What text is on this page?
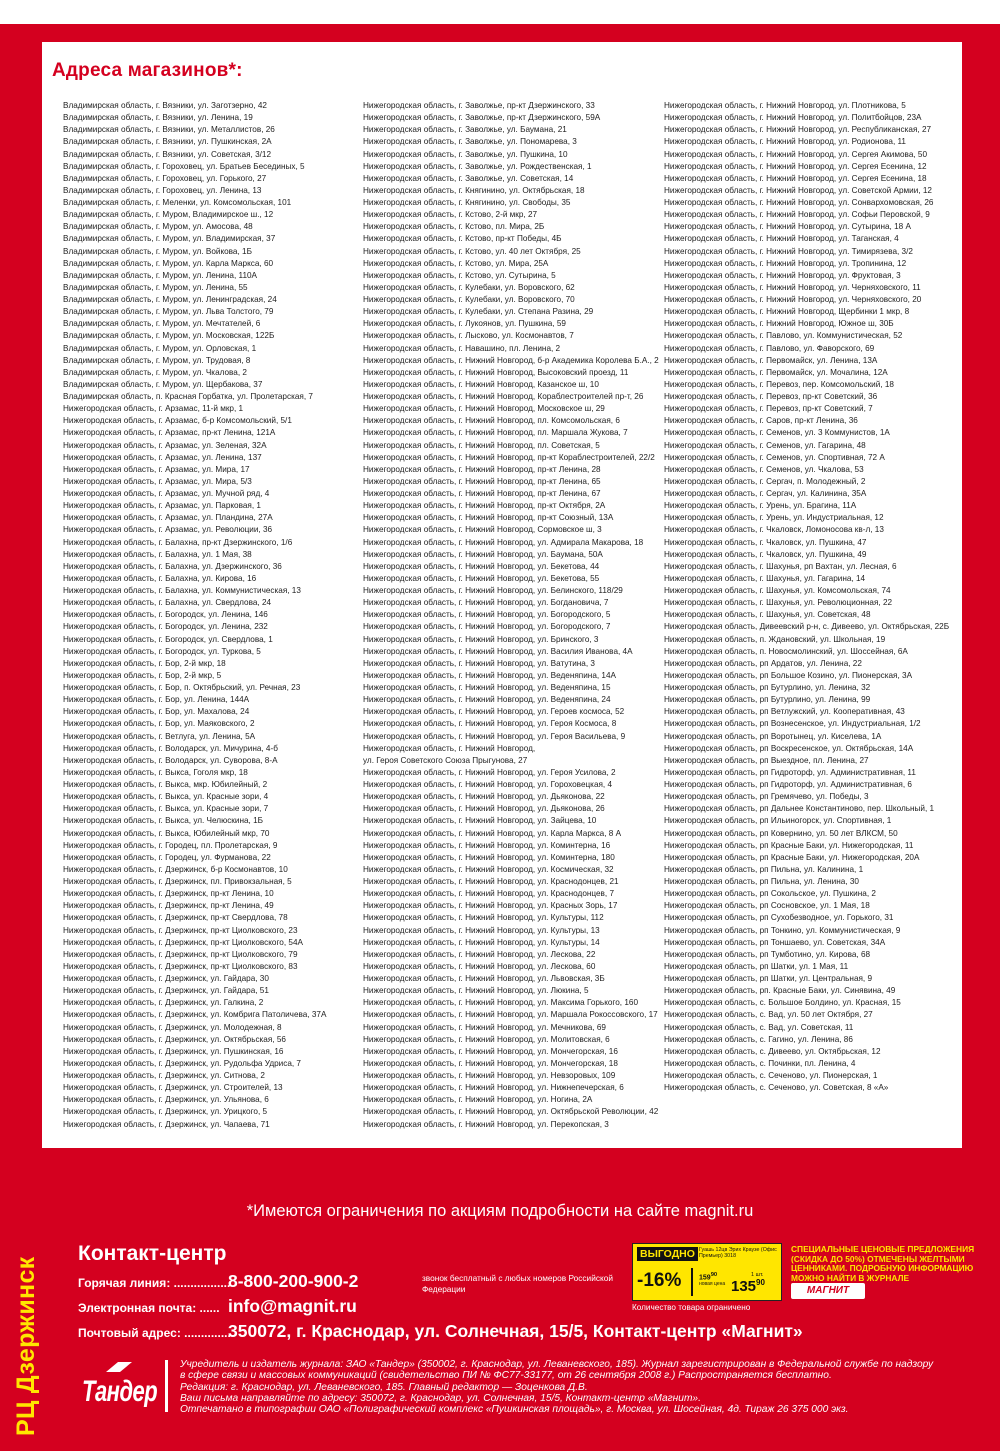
Адреса магазинов*:
Владимирская область, г. Вязники, ул. Заготзерно, 42
Владимирская область, г. Вязники, ул. Ленина, 19
Владимирская область, г. Вязники, ул. Металлистов, 26
Владимирская область, г. Вязники, ул. Пушкинская, 2А
Владимирская область, г. Вязники, ул. Советская, 3/12
Владимирская область, г. Гороховец, ул. Братьев Бесединых, 5
Владимирская область, г. Гороховец, ул. Горького, 27
Владимирская область, г. Гороховец, ул. Ленина, 13
Владимирская область, г. Меленки, ул. Комсомольская, 101
Владимирская область, г. Муром, Владимирское ш., 12
Владимирская область, г. Муром, ул. Амосова, 48
Владимирская область, г. Муром, ул. Владимирская, 37
Владимирская область, г. Муром, ул. Войкова, 1Б
Владимирская область, г. Муром, ул. Карла Маркса, 60
Владимирская область, г. Муром, ул. Ленина, 110А
Владимирская область, г. Муром, ул. Ленина, 55
Владимирская область, г. Муром, ул. Ленинградская, 24
Владимирская область, г. Муром, ул. Льва Толстого, 79
Владимирская область, г. Муром, ул. Мечтателей, 6
Владимирская область, г. Муром, ул. Московская, 122Б
Владимирская область, г. Муром, ул. Орловская, 1
Владимирская область, г. Муром, ул. Трудовая, 8
Владимирская область, г. Муром, ул. Чкалова, 2
Владимирская область, г. Муром, ул. Щербакова, 37
Владимирская область, п. Красная Горбатка, ул. Пролетарская, 7
Нижегородская область, г. Арзамас, 11-й мкр, 1
Нижегородская область, г. Арзамас, б-р Комсомольский, 5/1
Нижегородская область, г. Арзамас, пр-кт Ленина, 121А
Нижегородская область, г. Арзамас, ул. Зеленая, 32А
Нижегородская область, г. Арзамас, ул. Ленина, 137
Нижегородская область, г. Арзамас, ул. Мира, 17
Нижегородская область, г. Арзамас, ул. Мира, 5/3
Нижегородская область, г. Арзамас, ул. Мучной ряд, 4
Нижегородская область, г. Арзамас, ул. Парковая, 1
Нижегородская область, г. Арзамас, ул. Пландина, 27А
Нижегородская область, г. Арзамас, ул. Революции, 36
Нижегородская область, г. Балахна, пр-кт Дзержинского, 1/6
Нижегородская область, г. Балахна, ул. 1 Мая, 38
Нижегородская область, г. Балахна, ул. Дзержинского, 36
Нижегородская область, г. Балахна, ул. Кирова, 16
Нижегородская область, г. Балахна, ул. Коммунистическая, 13
Нижегородская область, г. Балахна, ул. Свердлова, 24
Нижегородская область, г. Богородск, ул. Ленина, 146
Нижегородская область, г. Богородск, ул. Ленина, 232
Нижегородская область, г. Богородск, ул. Свердлова, 1
Нижегородская область, г. Богородск, ул. Туркова, 5
Нижегородская область, г. Бор, 2-й мкр, 18
Нижегородская область, г. Бор, 2-й мкр, 5
Нижегородская область, г. Бор, п. Октябрьский, ул. Речная, 23
Нижегородская область, г. Бор, ул. Ленина, 144А
Нижегородская область, г. Бор, ул. Махалова, 24
Нижегородская область, г. Бор, ул. Маяковского, 2
Нижегородская область, г. Ветлуга, ул. Ленина, 5А
Нижегородская область, г. Володарск, ул. Мичурина, 4-б
Нижегородская область, г. Володарск, ул. Суворова, 8-А
Нижегородская область, г. Выкса, Гоголя мкр, 18
Нижегородская область, г. Выкса, мкр. Юбилейный, 2
Нижегородская область, г. Выкса, ул. Красные зори, 4
Нижегородская область, г. Выкса, ул. Красные зори, 7
Нижегородская область, г. Выкса, ул. Челюскина, 1Б
Нижегородская область, г. Выкса, Юбилейный мкр, 70
Нижегородская область, г. Городец, пл. Пролетарская, 9
Нижегородская область, г. Городец, ул. Фурманова, 22
Нижегородская область, г. Дзержинск, б-р Космонавтов, 10
Нижегородская область, г. Дзержинск, пл. Привокзальная, 5
Нижегородская область, г. Дзержинск, пр-кт Ленина, 10
Нижегородская область, г. Дзержинск, пр-кт Ленина, 49
Нижегородская область, г. Дзержинск, пр-кт Свердлова, 78
Нижегородская область, г. Дзержинск, пр-кт Циолковского, 23
Нижегородская область, г. Дзержинск, пр-кт Циолковского, 54А
Нижегородская область, г. Дзержинск, пр-кт Циолковского, 79
Нижегородская область, г. Дзержинск, пр-кт Циолковского, 83
Нижегородская область, г. Дзержинск, ул. Гайдара, 30
Нижегородская область, г. Дзержинск, ул. Гайдара, 51
Нижегородская область, г. Дзержинск, ул. Галкина, 2
Нижегородская область, г. Дзержинск, ул. Комбрига Патоличева, 37А
Нижегородская область, г. Дзержинск, ул. Молодежная, 8
Нижегородская область, г. Дзержинск, ул. Октябрьская, 56
Нижегородская область, г. Дзержинск, ул. Пушкинская, 16
Нижегородская область, г. Дзержинск, ул. Рудольфа Удриса, 7
Нижегородская область, г. Дзержинск, ул. Ситнова, 2
Нижегородская область, г. Дзержинск, ул. Строителей, 13
Нижегородская область, г. Дзержинск, ул. Ульянова, 6
Нижегородская область, г. Дзержинск, ул. Урицкого, 5
Нижегородская область, г. Дзержинск, ул. Чапаева, 71
Нижегородская область, г. Заволжье, пр-кт Дзержинского, 33
Нижегородская область, г. Заволжье, пр-кт Дзержинского, 59А
Нижегородская область, г. Заволжье, ул. Баумана, 21
Нижегородская область, г. Заволжье, ул. Пономарева, 3
Нижегородская область, г. Заволжье, ул. Пушкина, 10
Нижегородская область, г. Заволжье, ул. Рождественская, 1
Нижегородская область, г. Заволжье, ул. Советская, 14
Нижегородская область, г. Княгинино, ул. Октябрьская, 18
Нижегородская область, г. Княгинино, ул. Свободы, 35
Нижегородская область, г. Кстово, 2-й мкр, 27
Нижегородская область, г. Кстово, пл. Мира, 2Б
Нижегородская область, г. Кстово, пр-кт Победы, 4Б
Нижегородская область, г. Кстово, ул. 40 лет Октября, 25
Нижегородская область, г. Кстово, ул. Мира, 25А
Нижегородская область, г. Кстово, ул. Сутырина, 5
Нижегородская область, г. Кулебаки, ул. Воровского, 62
Нижегородская область, г. Кулебаки, ул. Воровского, 70
Нижегородская область, г. Кулебаки, ул. Степана Разина, 29
Нижегородская область, г. Лукоянов, ул. Пушкина, 59
Нижегородская область, г. Лысково, ул. Космонавтов, 7
Нижегородская область, г. Навашино, пл. Ленина, 2
Нижегородская область, г. Нижний Новгород, б-р Академика Королева Б.А., 2
Нижегородская область, г. Нижний Новгород, Высоковский проезд, 11
Нижегородская область, г. Нижний Новгород, Казанское ш, 10
Нижегородская область, г. Нижний Новгород, Кораблестроителей пр-т, 26
Нижегородская область, г. Нижний Новгород, Московское ш, 29
Нижегородская область, г. Нижний Новгород, пл. Комсомольская, 6
Нижегородская область, г. Нижний Новгород, пл. Маршала Жукова, 7
Нижегородская область, г. Нижний Новгород, пл. Советская, 5
Нижегородская область, г. Нижний Новгород, пр-кт Кораблестроителей, 22/2
Нижегородская область, г. Нижний Новгород, пр-кт Ленина, 28
Нижегородская область, г. Нижний Новгород, пр-кт Ленина, 65
Нижегородская область, г. Нижний Новгород, пр-кт Ленина, 67
Нижегородская область, г. Нижний Новгород, пр-кт Октября, 2А
Нижегородская область, г. Нижний Новгород, пр-кт Союзный, 13А
Нижегородская область, г. Нижний Новгород, Сормовское ш, 3
Нижегородская область, г. Нижний Новгород, ул. Адмирала Макарова, 18
Нижегородская область, г. Нижний Новгород, ул. Баумана, 50А
Нижегородская область, г. Нижний Новгород, ул. Бекетова, 44
Нижегородская область, г. Нижний Новгород, ул. Бекетова, 55
Нижегородская область, г. Нижний Новгород, ул. Белинского, 118/29
Нижегородская область, г. Нижний Новгород, ул. Богдановича, 7
Нижегородская область, г. Нижний Новгород, ул. Богородского, 5
Нижегородская область, г. Нижний Новгород, ул. Богородского, 7
Нижегородская область, г. Нижний Новгород, ул. Бринского, 3
Нижегородская область, г. Нижний Новгород, ул. Василия Иванова, 4А
Нижегородская область, г. Нижний Новгород, ул. Ватутина, 3
Нижегородская область, г. Нижний Новгород, ул. Веденяпина, 14А
Нижегородская область, г. Нижний Новгород, ул. Веденяпина, 15
Нижегородская область, г. Нижний Новгород, ул. Веденяпина, 24
Нижегородская область, г. Нижний Новгород, ул. Героев космоса, 52
Нижегородская область, г. Нижний Новгород, ул. Героя Космоса, 8
Нижегородская область, г. Нижний Новгород, ул. Героя Васильева, 9
Нижегородская область, г. Нижний Новгород,
ул. Героя Советского Союза Прыгунова, 27
Нижегородская область, г. Нижний Новгород, ул. Героя Усилова, 2
Нижегородская область, г. Нижний Новгород, ул. Гороховецкая, 4
Нижегородская область, г. Нижний Новгород, ул. Дьяконова, 22
Нижегородская область, г. Нижний Новгород, ул. Дьяконова, 26
Нижегородская область, г. Нижний Новгород, ул. Зайцева, 10
Нижегородская область, г. Нижний Новгород, ул. Карла Маркса, 8 А
Нижегородская область, г. Нижний Новгород, ул. Коминтерна, 16
Нижегородская область, г. Нижний Новгород, ул. Коминтерна, 180
Нижегородская область, г. Нижний Новгород, ул. Космическая, 32
Нижегородская область, г. Нижний Новгород, ул. Краснодонцев, 21
Нижегородская область, г. Нижний Новгород, ул. Краснодонцев, 7
Нижегородская область, г. Нижний Новгород, ул. Красных Зорь, 17
Нижегородская область, г. Нижний Новгород, ул. Культуры, 112
Нижегородская область, г. Нижний Новгород, ул. Культуры, 13
Нижегородская область, г. Нижний Новгород, ул. Культуры, 14
Нижегородская область, г. Нижний Новгород, ул. Лескова, 22
Нижегородская область, г. Нижний Новгород, ул. Лескова, 60
Нижегородская область, г. Нижний Новгород, ул. Львовская, 3Б
Нижегородская область, г. Нижний Новгород, ул. Люкина, 5
Нижегородская область, г. Нижний Новгород, ул. Максима Горького, 160
Нижегородская область, г. Нижний Новгород, ул. Маршала Рокоссовского, 17
Нижегородская область, г. Нижний Новгород, ул. Мечникова, 69
Нижегородская область, г. Нижний Новгород, ул. Молитовская, 6
Нижегородская область, г. Нижний Новгород, ул. Мончегорская, 16
Нижегородская область, г. Нижний Новгород, ул. Мончегорская, 18
Нижегородская область, г. Нижний Новгород, ул. Невзоровых, 109
Нижегородская область, г. Нижний Новгород, ул. Нижнепечерская, 6
Нижегородская область, г. Нижний Новгород, ул. Ногина, 2А
Нижегородская область, г. Нижний Новгород, ул. Октябрьской Революции, 42
Нижегородская область, г. Нижний Новгород, ул. Перекопская, 3
Нижегородская область, г. Нижний Новгород, ул. Плотникова, 5
Нижегородская область, г. Нижний Новгород, ул. Политбойцов, 23А
Нижегородская область, г. Нижний Новгород, ул. Республиканская, 27
Нижегородская область, г. Нижний Новгород, ул. Родионова, 11
Нижегородская область, г. Нижний Новгород, ул. Сергея Акимова, 50
Нижегородская область, г. Нижний Новгород, ул. Сергея Есенина, 12
Нижегородская область, г. Нижний Новгород, ул. Сергея Есенина, 18
Нижегородская область, г. Нижний Новгород, ул. Советской Армии, 12
Нижегородская область, г. Нижний Новгород, ул. Сонвархомовская, 26
Нижегородская область, г. Нижний Новгород, ул. Софьи Перовской, 9
Нижегородская область, г. Нижний Новгород, ул. Сутырина, 18 А
Нижегородская область, г. Нижний Новгород, ул. Таганская, 4
Нижегородская область, г. Нижний Новгород, ул. Тимирязева, 3/2
Нижегородская область, г. Нижний Новгород, ул. Тропинина, 12
Нижегородская область, г. Нижний Новгород, ул. Фруктовая, 3
Нижегородская область, г. Нижний Новгород, ул. Черняховского, 11
Нижегородская область, г. Нижний Новгород, ул. Черняховского, 20
Нижегородская область, г. Нижний Новгород, Щербинки 1 мкр, 8
Нижегородская область, г. Нижний Новгород, Южное ш, 30Б
Нижегородская область, г. Павлово, ул. Коммунистическая, 52
Нижегородская область, г. Павлово, ул. Фаворского, 69
Нижегородская область, г. Первомайск, ул. Ленина, 13А
Нижегородская область, г. Первомайск, ул. Мочалина, 12А
Нижегородская область, г. Перевоз, пер. Комсомольский, 18
Нижегородская область, г. Перевоз, пр-кт Советский, 36
Нижегородская область, г. Перевоз, пр-кт Советский, 7
Нижегородская область, г. Саров, пр-кт Ленина, 36
Нижегородская область, г. Семенов, ул. 3 Коммунистов, 1А
Нижегородская область, г. Семенов, ул. Гагарина, 48
Нижегородская область, г. Семенов, ул. Спортивная, 72 А
Нижегородская область, г. Семенов, ул. Чкалова, 53
Нижегородская область, г. Сергач, п. Молодежный, 2
Нижегородская область, г. Сергач, ул. Калинина, 35А
Нижегородская область, г. Урень, ул. Брагина, 11А
Нижегородская область, г. Урень, ул. Индустриальная, 12
Нижегородская область, г. Чкаловск, Ломоносова кв-л, 13
Нижегородская область, г. Чкаловск, ул. Пушкина, 47
Нижегородская область, г. Чкаловск, ул. Пушкина, 49
Нижегородская область, г. Шахунья, рп Вахтан, ул. Лесная, 6
Нижегородская область, г. Шахунья, ул. Гагарина, 14
Нижегородская область, г. Шахунья, ул. Комсомольская, 74
Нижегородская область, г. Шахунья, ул. Революционная, 22
Нижегородская область, г. Шахунья, ул. Советская, 48
Нижегородская область, Дивеевский р-н, с. Дивеево, ул. Октябрьская, 22Б
Нижегородская область, п. Ждановский, ул. Школьная, 19
Нижегородская область, п. Новосмолинский, ул. Шоссейная, 6А
Нижегородская область, рп Ардатов, ул. Ленина, 22
Нижегородская область, рп Большое Козино, ул. Пионерская, 3А
Нижегородская область, рп Бутурлино, ул. Ленина, 32
Нижегородская область, рп Бутурлино, ул. Ленина, 99
Нижегородская область, рп Ветлужский, ул. Кооперативная, 43
Нижегородская область, рп Вознесенское, ул. Индустриальная, 1/2
Нижегородская область, рп Воротынец, ул. Киселева, 1А
Нижегородская область, рп Воскресенское, ул. Октябрьская, 14А
Нижегородская область, рп Выездное, пл. Ленина, 27
Нижегородская область, рп Гидроторф, ул. Административная, 11
Нижегородская область, рп Гидроторф, ул. Административная, 6
Нижегородская область, рп Гремячево, ул. Победы, 3
Нижегородская область, рп Дальнее Константиново, пер. Школьный, 1
Нижегородская область, рп Ильиногорск, ул. Спортивная, 1
Нижегородская область, рп Ковернино, ул. 50 лет ВЛКСМ, 50
Нижегородская область, рп Красные Баки, ул. Нижегородская, 11
Нижегородская область, рп Красные Баки, ул. Нижегородская, 20А
Нижегородская область, рп Пильна, ул. Калинина, 1
Нижегородская область, рп Пильна, ул. Ленина, 30
Нижегородская область, рп Сокольское, ул. Пушкина, 2
Нижегородская область, рп Сосновское, ул. 1 Мая, 18
Нижегородская область, рп Сухобезводное, ул. Горького, 31
Нижегородская область, рп Тонкино, ул. Коммунистическая, 9
Нижегородская область, рп Тоншаево, ул. Советская, 34А
Нижегородская область, рп Тумботино, ул. Кирова, 68
Нижегородская область, рп Шатки, ул. 1 Мая, 11
Нижегородская область, рп Шатки, ул. Центральная, 9
Нижегородская область, рп. Красные Баки, ул. Синявина, 49
Нижегородская область, с. Большое Болдино, ул. Красная, 15
Нижегородская область, с. Вад, ул. 50 лет Октября, 27
Нижегородская область, с. Вад, ул. Советская, 11
Нижегородская область, с. Гагино, ул. Ленина, 86
Нижегородская область, с. Дивеево, ул. Октябрьская, 12
Нижегородская область, с. Починки, пл. Ленина, 4
Нижегородская область, с. Сеченово, ул. Пионерская, 1
Нижегородская область, с. Сеченово, ул. Советская, 8 «А»
*Имеются ограничения по акциям подробности на сайте magnit.ru
РЦ Дзержинск
Контакт-центр
Горячая линия: .................8-800-200-900-2	звонок бесплатный с любых номеров Российской Федерации
Электронная почта: ...... info@magnit.ru
Почтовый адрес: ..............350072, г. Краснодар, ул. Солнечная, 15/5, Контакт-центр «Магнит»
ВЫГОДНО Гуашь 12цв Эрих Краузе (Офис Премьер) 3018
-16%	$159^{90}$	1 шт.
новая цена $135^{90}$
Количество товара ограничено
СПЕЦИАЛЬНЫЕ ЦЕНОВЫЕ ПРЕДЛОЖЕНИЯ (СКИДКА ДО 50%) ОТМЕЧЕНЫ ЖЕЛТЫМИ ЦЕННИКАМИ. ПОДРОБНУЮ ИНФОРМАЦИЮ МОЖНО НАЙТИ В ЖУРНАЛЕ
МАГНИТ
Тандер
Учредитель и издатель журнала: ЗАО «Тандер» (350002, г. Краснодар, ул. Леваневского, 185). Журнал зарегистрирован в Федеральной службе по надзору
в сфере связи и массовых коммуникаций (свидетельство ПИ № ФС77-33177, от 26 сентября 2008 г.) Распространяется бесплатно.
Редакция: г. Краснодар, ул. Леваневского, 185. Главный редактор — Зоценкова Д.В.
Ваш письма направляйте по адресу: 350072, г. Краснодар, ул. Солнечная, 15/5, Контакт-центр «Магнит».
Отпечатано в типографии ОАО «Полиграфический комплекс «Пушкинская площадь», г. Москва, ул. Шосейная, 4д. Тираж 26 375 000 экз.
